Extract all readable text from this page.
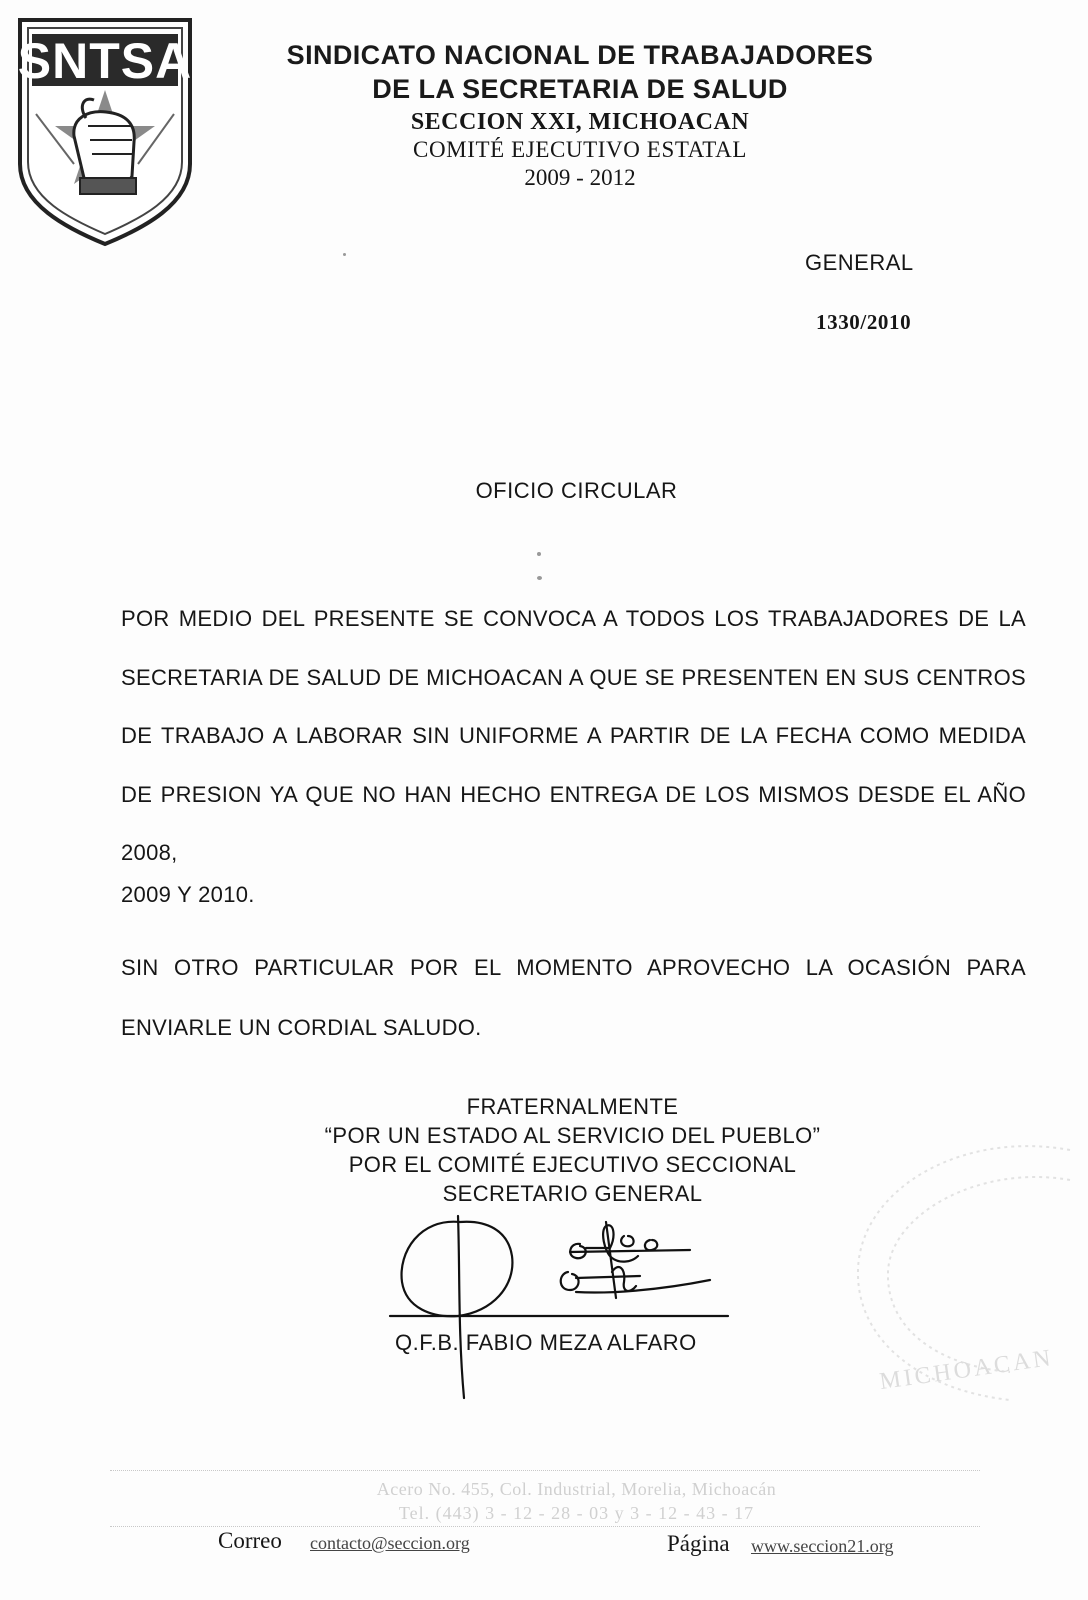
SNTSA	SINDICATO NACIONAL DE TRABAJADORES
DE LA SECRETARIA DE SALUD
SECCION XXI, MICHOACAN
COMITÉ EJECUTIVO ESTATAL
2009 - 2012
GENERAL
1330/2010
OFICIO CIRCULAR

POR MEDIO DEL PRESENTE SE CONVOCA A TODOS LOS TRABAJADORES DE LA SECRETARIA DE SALUD DE MICHOACAN A QUE SE PRESENTEN EN SUS CENTROS DE TRABAJO A LABORAR SIN UNIFORME A PARTIR DE LA FECHA COMO MEDIDA DE PRESION YA QUE NO HAN HECHO ENTREGA DE LOS MISMOS DESDE EL AÑO 2008,

2009 Y 2010.

SIN OTRO PARTICULAR POR EL MOMENTO APROVECHO LA OCASIÓN PARA ENVIARLE UN CORDIAL SALUDO.

FRATERNALMENTE
“POR UN ESTADO AL SERVICIO DEL PUEBLO”
POR EL COMITÉ EJECUTIVO SECCIONAL
SECRETARIO GENERAL
Q.F.B. FABIO MEZA ALFARO
MICHOACAN
Acero No. 455, Col. Industrial, Morelia, Michoacán
Tel. (443) 3 - 12 - 28 - 03 y 3 - 12 - 43 - 17
Correo contacto@seccion.org	Página www.seccion21.org
